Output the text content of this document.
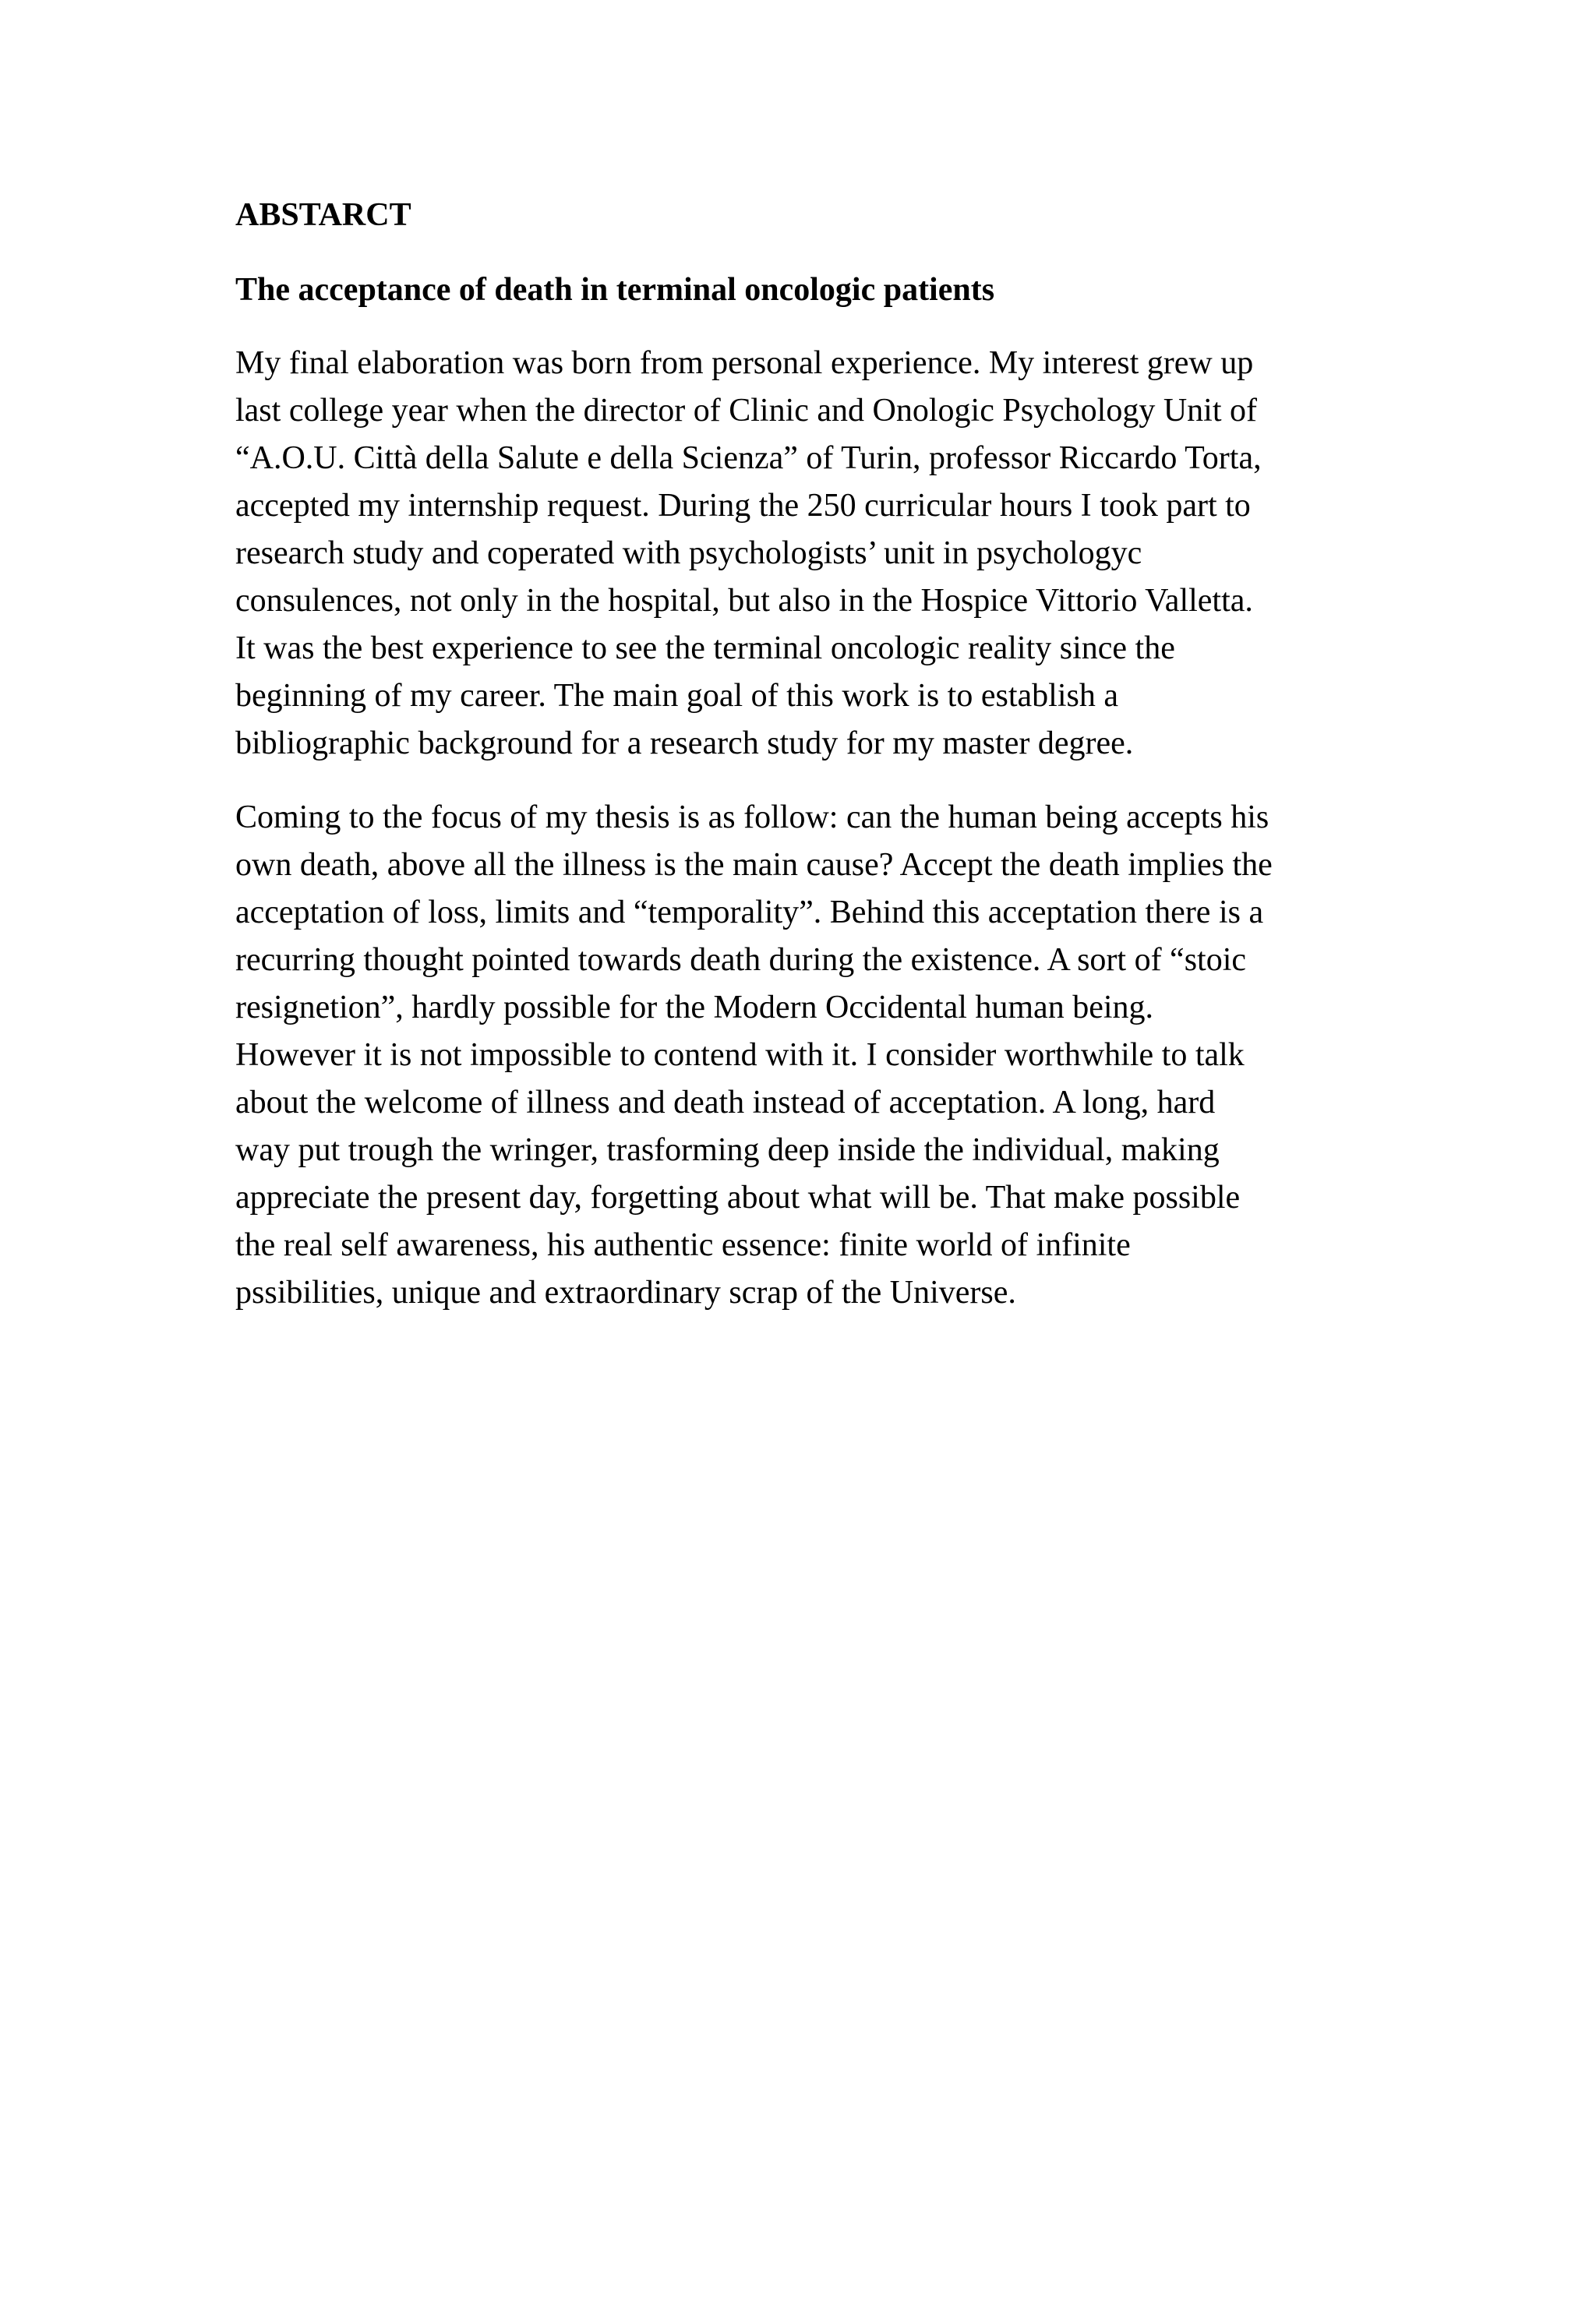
ABSTARCT
The acceptance of death in terminal oncologic patients

My final elaboration was born from personal experience. My interest grew up
last college year when the director of Clinic and Onologic Psychology Unit of
“A.O.U. Città della Salute e della Scienza” of Turin, professor Riccardo Torta,
accepted my internship request. During the 250 curricular hours I took part to
research study and coperated with psychologists’ unit in psychologyc
consulences, not only in the hospital, but also in the Hospice Vittorio Valletta.
It was the best experience to see the terminal oncologic reality since the
beginning of my career. The main goal of this work is to establish a
bibliographic background for a research study for my master degree.

Coming to the focus of my thesis is as follow: can the human being accepts his
own death, above all the illness is the main cause? Accept the death implies the
acceptation of loss, limits and “temporality”. Behind this acceptation there is a
recurring thought pointed towards death during the existence. A sort of “stoic
resignetion”, hardly possible for the Modern Occidental human being.
However it is not impossible to contend with it. I consider worthwhile to talk
about the welcome of illness and death instead of acceptation. A long, hard
way put trough the wringer, trasforming deep inside the individual, making
appreciate the present day, forgetting about what will be. That make possible
the real self awareness, his authentic essence: finite world of infinite
pssibilities, unique and extraordinary scrap of the Universe.
